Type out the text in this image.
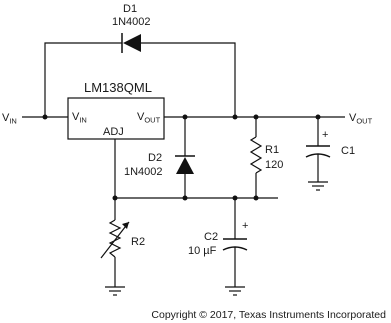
$V_{IN}$	$V_{OUT}$
LM138QML
$V_{IN}$	$V_{OUT}$
ADJ
D1
1N4002
D2
1N4002
R1
120
+
C1
+
C2
10 µF
R2
Copyright © 2017, Texas Instruments Incorporated
